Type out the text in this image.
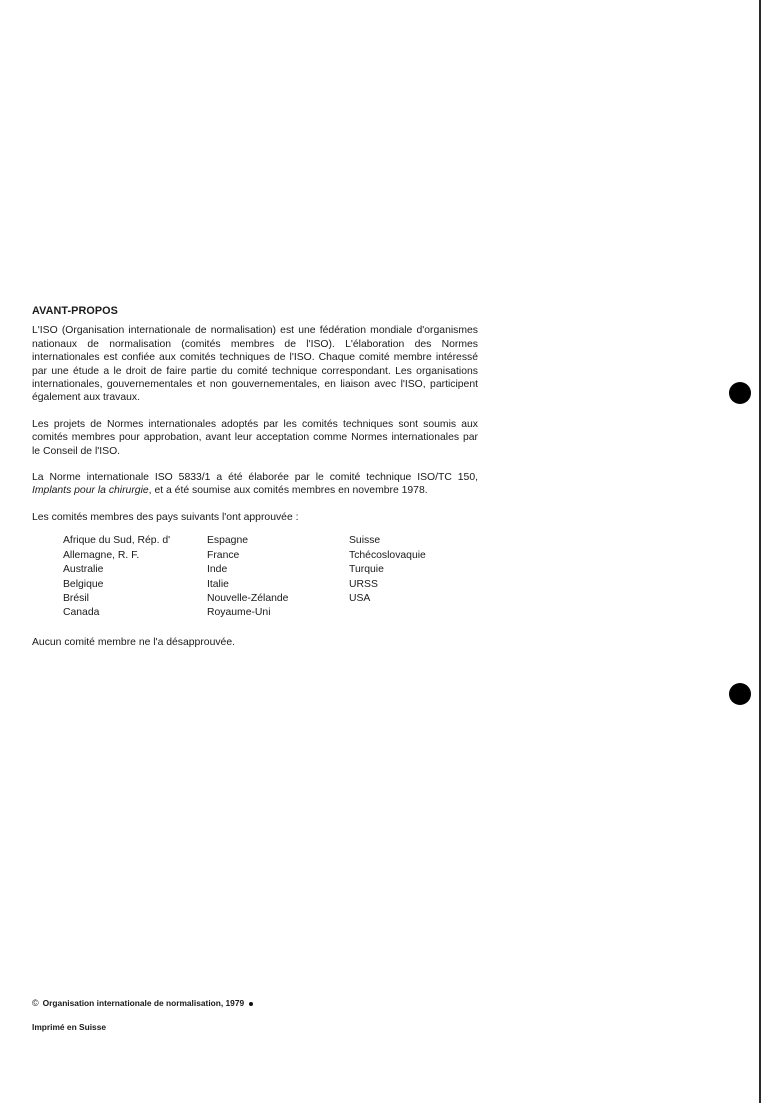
AVANT-PROPOS

L'ISO (Organisation internationale de normalisation) est une fédération mondiale d'organismes nationaux de normalisation (comités membres de l'ISO). L'élaboration des Normes internationales est confiée aux comités techniques de l'ISO. Chaque comité membre intéressé par une étude a le droit de faire partie du comité technique correspondant. Les organisations internationales, gouvernementales et non gouvernementales, en liaison avec l'ISO, participent également aux travaux.

Les projets de Normes internationales adoptés par les comités techniques sont soumis aux comités membres pour approbation, avant leur acceptation comme Normes internationales par le Conseil de l'ISO.

La Norme internationale ISO 5833/1 a été élaborée par le comité technique ISO/TC 150, Implants pour la chirurgie, et a été soumise aux comités membres en novembre 1978.

Les comités membres des pays suivants l'ont approuvée :

Afrique du Sud, Rép. d'
Allemagne, R. F.
Australie
Belgique
Brésil
Canada
Espagne
France
Inde
Italie
Nouvelle-Zélande
Royaume-Uni
Suisse
Tchécoslovaquie
Turquie
URSS
USA

Aucun comité membre ne l'a désapprouvée.

© Organisation internationale de normalisation, 1979
Imprimé en Suisse
